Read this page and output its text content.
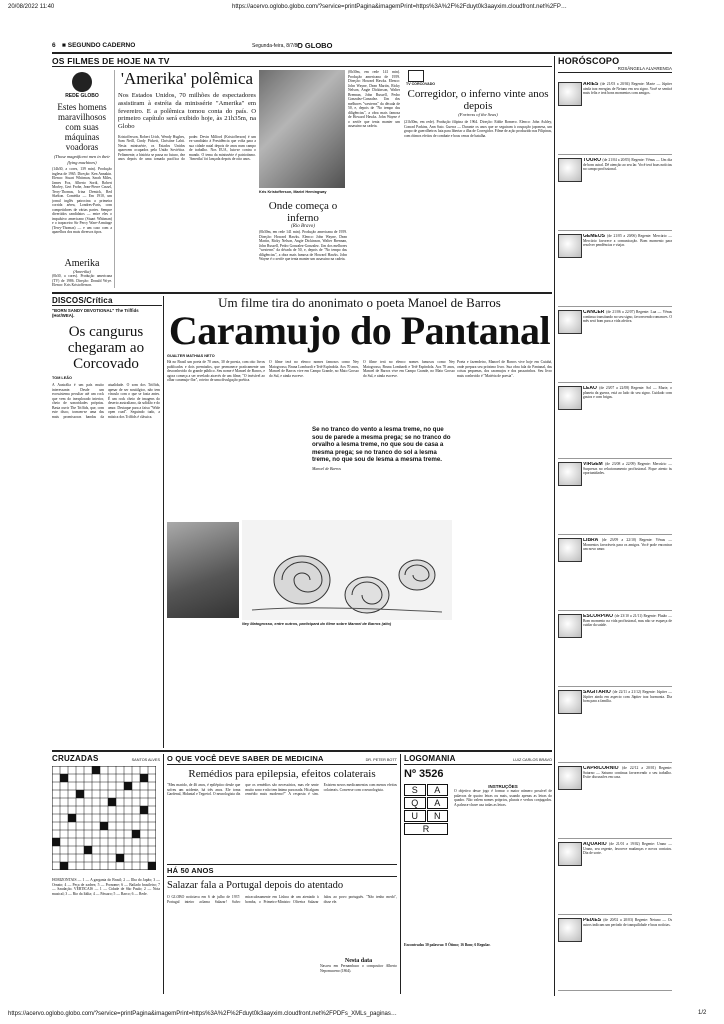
20/08/2022 11:40	https://acervo.oglobo.globo.com/?service=printPagina&imagemPrint=https%3A%2F%2Fduyt0k3aayxim.cloudfront.net%2FP…
6 ■ SEGUNDO CADERNO	Segunda-feira, 8/7/87
O GLOBO
OS FILMES DE HOJE NA TV
REDE GLOBO
Estes homens maravilhosos com suas máquinas voadoras
(Those magnificent men in their flying machines)
(14h30, a cores, 139 min). Produção inglesa de 1965. Direção: Ken Annakin. Elenco: Stuart Whitman, Sarah Miles, James Fox, Alberto Sordi, Robert Morley, Gert Frobe, Jean-Pierre Cassel, Terry-Thomas, Irina Demick, Red Skelton. Comédia — Em 1910, um jornal inglês patrocina a primeira corrida aérea, Londres-Paris, com competidores de várias partes. Sempre divertidos candidatos — entre eles o impulsivo americano (Stuart Whitman) e o trapaceiro Sir Percy Ware-Armitage (Terry-Thomas) — e um caso com a aparelhos dos mais diversos tipos.
Amerika
(Amerika)
(0h30, a cores). Produção americana (TV) de 1986. Direção: Donald Wrye. Elenco: Kris Kristofferson.
'Amerika' polêmica
Nos Estados Unidos, 70 milhões de espectadores assistiram à estréia da minissérie "Amerika" em fevereiro. E a polêmica tomou conta do país. O primeiro capítulo será exibido hoje, às 21h35m, na Globo
Kristofferson, Robert Urich, Wendy Hughes, Sam Neill, Cindy Pickett, Christine Lahti. Nesta minissérie, os Estados Unidos aparecem ocupados pela União Soviética. Felizmente, a história se passa no futuro, dez anos depois de uma tomada pacífica do poder. Devin Milford (Kristofferson) é um ex-candidato à Presidência que volta para a sua cidade natal depois de anos num campo de trabalho. Nos EUA, luta-se contra o mundo. O tema da minissérie é patriotismo. 'Amerika' foi lançada depois de oito anos.
Kris Kristofferson, Mariel Hemingway
Onde começa o inferno
(Rio Bravo)
(0h30m, em rede 141 min). Produção americana de 1959. Direção: Howard Hawks. Elenco: John Wayne, Dean Martin, Ricky Nelson, Angie Dickinson, Walter Brennan, John Russell, Pedro Gonzalez-Gonzalez. Um dos melhores "westerns" da década de 50, e, depois de "No tempo das diligências", a obra mais famosa de Howard Hawks. John Wayne é o xerife que tenta manter um assassino na cadeia.
(0h30m, em rede 141 min). Produção americana de 1959. Direção: Howard Hawks. Elenco: John Wayne, Dean Martin, Ricky Nelson, Angie Dickinson, Walter Brennan, John Russell, Pedro Gonzalez-Gonzalez. Um dos melhores "westerns" da década de 50, e, depois de "No tempo das diligências", a obra mais famosa de Howard Hawks. John Wayne é o xerife que tenta manter um assassino na cadeia.
TV CORCOVADO
Corregidor, o inferno vinte anos depois
(Fortress of the Seas)
(21h30m, em rede). Produção filipina de 1964. Direção: Eddie Romero. Elenco: John Ashley, Conrad Parkins, Ann Sato. Guerra — Durante os anos que se seguiram à ocupação japonesa, um grupo de guerrilheiros luta para libertar a ilha de Corregidor. Filme de ação produzido nas Filipinas, com ótimos efeitos de combate e boas cenas de batalha.
HORÓSCOPO
ROSÂNGELA ALVARENGA
DISCOS/Crítica
"BORN SANDY DEVOTIONAL" The Triffids (Hot/WEA).
Os cangurus chegaram ao Corcovado
TOM LEÃO
A Austrália é um país muito interessante. Desde um ecossistema peculiar até um rock que vem do inexplorado interior, cheio de sonoridades próprias. Basta ouvir The Triffids, que, com este disco, tornam-se uma das mais promissoras bandas da atualidade. O som dos Triffids, apesar de ser nostálgico, não tem vínculo com o que se fazia antes. É um rock cheio de imagens do deserto australiano, da solidão e do amor. Destaque para a faixa "Wide open road". Seguindo tudo, a música dos Triffids é clássica.
Um filme tira do anonimato o poeta Manoel de Barros
Caramujo do Pantanal
GUALTER MATHIAS NETO
Há no Brasil um poeta de 70 anos, 30 de poesia, com oito livros publicados e dois premiados, que permanece praticamente um desconhecido do grande público. Seu nome é Manoel de Barros, e agora começa a ser revelado através de um filme, "O invisível ao olhar caramujo-flor", roteiro de uma divulgação poética.
O filme terá no elenco nomes famosos como Ney Matogrosso, Bruna Lombardi e Tetê Espíndola. Aos 70 anos, Manoel de Barros vive em Campo Grande, no Mato Grosso do Sul, e ainda escreve.
O filme terá no elenco nomes famosos como Ney Matogrosso, Bruna Lombardi e Tetê Espíndola. Aos 70 anos, Manoel de Barros vive em Campo Grande, no Mato Grosso do Sul, e ainda escreve.
Se no tranco do vento a lesma treme, no que sou de parede a mesma prega; se no tranco do orvalho a lesma treme, no que sou de casa a mesma prega; se no tranco do sol a lesma treme, no que sou de lesma a mesma treme.
Manoel de Barros
Poeta e fazendeiro, Manoel de Barros vive hoje em Cuiabá, onde prepara seu próximo livro. Sua obra fala do Pantanal, das coisas pequenas, dos caramujos e dos passarinhos. Seu livro mais conhecido é "Matéria de poesia".
Ney Matogrosso, entre outros, participará do filme sobre Manoel de Barros (alto)
CRUZADAS	SANTOS ALVES
HORIZONTAIS — 1 — A garganta do Brasil; 2 — Ilha do Japão; 3 — Ornato; 4 — Peça de xadrez; 5 — Pronome; 6 — Bailado brasileiro; 7 — Saudação. VERTICAIS — 1 — Cidade de São Paulo; 2 — Nota musical; 3 — Rio da Itália; 4 — Pássaro; 5 — Barco; 6 — Rede.
O QUE VOCÊ DEVE SABER DE MEDICINA	DR. PETER BOTT
Remédios para epilepsia, efeitos colaterais
"Meu marido, de 46 anos, é epiléptico desde que sofreu um acidente, há três anos. Ele toma Gardenal, Hidantal e Tegretol. O neurologista diz que os remédios são necessários, mas ele sente muito sono e não tem ânimo para nada. Há algum remédio mais moderno?" A resposta é sim. Existem novos medicamentos com menos efeitos colaterais. Converse com o neurologista.
HÁ 50 ANOS
Salazar fala a Portugal depois do atentado
O GLOBO noticiava em 6 de julho de 1937: Portugal inteiro aclama Salazar! Salvo miraculosamente em Lisboa de um atentado à bomba, o Primeiro-Ministro Oliveira Salazar falou ao povo português. "Não tenho medo", disse ele.
Nesta data
Nasceu em Pernambuco o compositor Alberto Nepomuceno (1864).
LOGOMANIA	LUIZ CARLOS BRAVO
Nº 3526
S	A
Q	A
U	N
R
INSTRUÇÕES
O objetivo desse jogo é formar o maior número possível de palavras de quatro letras ou mais, usando apenas as letras do quadro. Não valem nomes próprios, plurais e verbos conjugados. A palavra-chave usa todas as letras.
Encontradas 30 palavras: 8 Ótimo; 16 Bom; 6 Regular.
ÁRIES (de 21/03 a 20/04) Regente: Marte — Júpiter ainda traz energias de Netuno em seu signo. Você se sentirá mais feliz e terá bons momentos com amigos.
TOURO (de 21/04 a 20/05) Regente: Vênus — Um dia de bom astral. Dê atenção ao seu lar. Você terá boas notícias no campo profissional.
GÊMEOS (de 21/05 a 20/06) Regente: Mercúrio — Mercúrio favorece a comunicação. Bom momento para resolver pendências e viajar.
CÂNCER (de 21/06 a 22/07) Regente: Lua — Vênus continua transitando no seu signo, favorecendo romances. O mês será bom para a vida afetiva.
LEÃO (de 23/07 a 22/08) Regente: Sol — Marte, o planeta da guerra, está ao lado do seu signo. Cuidado com gastos e com brigas.
VIRGEM (de 23/08 a 22/09) Regente: Mercúrio — Surpresas no relacionamento profissional. Fique atento às oportunidades.
LIBRA (de 23/09 a 22/10) Regente: Vênus — Momentos favoráveis para os amigos. Você pode encontrar um novo amor.
ESCORPIÃO (de 23/10 a 21/11) Regente: Plutão — Bom momento na vida profissional, mas não se esqueça de cuidar da saúde.
SAGITÁRIO (de 22/11 a 21/12) Regente: Júpiter — Júpiter ainda em aspecto com Júpiter traz harmonia. Dia bom para a família.
CAPRICÓRNIO (de 22/12 a 20/01) Regente: Saturno — Saturno continua favorecendo o seu trabalho. Evite discussões em casa.
AQUÁRIO (de 21/01 a 19/02) Regente: Urano — Urano, seu regente, favorece mudanças e novos contatos. Dia de sorte.
PEIXES (de 20/02 a 20/03) Regente: Netuno — Os astros indicam um período de tranquilidade e boas notícias.
https://acervo.oglobo.globo.com/?service=printPagina&imagemPrint=https%3A%2F%2Fduyt0k3aayxim.cloudfront.net%2FPDFs_XMLs_paginas…	1/2
